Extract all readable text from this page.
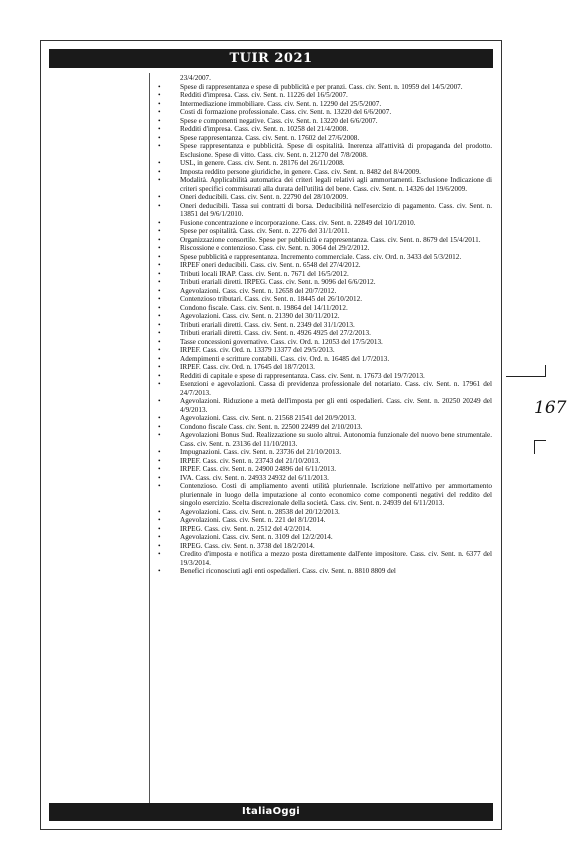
TUIR 2021
23/4/2007.
•	Spese di rappresentanza e spese di pubblicità e per pranzi. Cass. civ. Sent. n. 10959 del 14/5/2007.
•	Redditi d'impresa. Cass. civ. Sent. n. 11226 del 16/5/2007.
•	Intermediazione immobiliare. Cass. civ. Sent. n. 12290 del 25/5/2007.
•	Costi di formazione professionale. Cass. civ. Sent. n. 13220 del 6/6/2007.
•	Spese e componenti negative. Cass. civ. Sent. n. 13220 del 6/6/2007.
•	Redditi d'impresa. Cass. civ. Sent. n. 10258 del 21/4/2008.
•	Spese rappresentanza. Cass. civ. Sent. n. 17602 del 27/6/2008.
•	Spese rappresentanza e pubblicità. Spese di ospitalità. Inerenza all'attività di propaganda del prodotto. Esclusione. Spese di vitto. Cass. civ. Sent. n. 21270 del 7/8/2008.
•	USL, in genere. Cass. civ. Sent. n. 28176 del 26/11/2008.
•	Imposta reddito persone giuridiche, in genere. Cass. civ. Sent. n. 8482 del 8/4/2009.
•	Modalità. Applicabilità automatica dei criteri legali relativi agli ammortamenti. Esclusione Indicazione di criteri specifici commisurati alla durata dell'utilità del bene. Cass. civ. Sent. n. 14326 del 19/6/2009.
•	Oneri deducibili. Cass. civ. Sent. n. 22790 del 28/10/2009.
•	Oneri deducibili. Tassa sui contratti di borsa. Deducibilità nell'esercizio di pagamento. Cass. civ. Sent. n. 13851 del 9/6/1/2010.
•	Fusione concentrazione e incorporazione. Cass. civ. Sent. n. 22849 del 10/1/2010.
•	Spese per ospitalità. Cass. civ. Sent. n. 2276 del 31/1/2011.
•	Organizzazione consortile. Spese per pubblicità e rappresentanza. Cass. civ. Sent. n. 8679 del 15/4/2011.
•	Riscossione e contenzioso. Cass. civ. Sent. n. 3064 del 29/2/2012.
•	Spese pubblicità e rappresentanza. Incremento commerciale. Cass. civ. Ord. n. 3433 del 5/3/2012.
•	IRPEF oneri deducibili. Cass. civ. Sent. n. 6548 del 27/4/2012.
•	Tributi locali IRAP. Cass. civ. Sent. n. 7671 del 16/5/2012.
•	Tributi erariali diretti. IRPEG. Cass. civ. Sent. n. 9096 del 6/6/2012.
•	Agevolazioni. Cass. civ. Sent. n. 12658 del 20/7/2012.
•	Contenzioso tributari. Cass. civ. Sent. n. 18445 del 26/10/2012.
•	Condono fiscale. Cass. civ. Sent. n. 19864 del 14/11/2012.
•	Agevolazioni. Cass. civ. Sent. n. 21390 del 30/11/2012.
•	Tributi erariali diretti. Cass. civ. Sent. n. 2349 del 31/1/2013.
•	Tributi erariali diretti. Cass. civ. Sent. n. 4926 4925 del 27/2/2013.
•	Tasse concessioni governative. Cass. civ. Ord. n. 12053 del 17/5/2013.
•	IRPEF. Cass. civ. Ord. n. 13379 13377 del 29/5/2013.
•	Adempimenti e scritture contabili. Cass. civ. Ord. n. 16485 del 1/7/2013.
•	IRPEF. Cass. civ. Ord. n. 17645 del 18/7/2013.
•	Redditi di capitale e spese di rappresentanza. Cass. civ. Sent. n. 17673 del 19/7/2013.
•	Esenzioni e agevolazioni. Cassa di previdenza professionale del notariato. Cass. civ. Sent. n. 17961 del 24/7/2013.
•	Agevolazioni. Riduzione a metà dell'imposta per gli enti ospedalieri. Cass. civ. Sent. n. 20250 20249 del 4/9/2013.
•	Agevolazioni. Cass. civ. Sent. n. 21568 21541 del 20/9/2013.
•	Condono fiscale Cass. civ. Sent. n. 22500 22499 del 2/10/2013.
•	Agevolazioni Bonus Sud. Realizzazione su suolo altrui. Autonomia funzionale del nuovo bene strumentale. Cass. civ. Sent. n. 23136 del 11/10/2013.
•	Impugnazioni. Cass. civ. Sent. n. 23736 del 21/10/2013.
•	IRPEF. Cass. civ. Sent. n. 23743 del 21/10/2013.
•	IRPEF. Cass. civ. Sent. n. 24900 24896 del 6/11/2013.
•	IVA. Cass. civ. Sent. n. 24933 24932 del 6/11/2013.
•	Contenzioso. Costi di ampliamento aventi utilità pluriennale. Iscrizione nell'attivo per ammortamento pluriennale in luogo della imputazione al conto economico come componenti negativi del reddito del singolo esercizio. Scelta discrezionale della società. Cass. civ. Sent. n. 24939 del 6/11/2013.
•	Agevolazioni. Cass. civ. Sent. n. 28538 del 20/12/2013.
•	Agevolazioni. Cass. civ. Sent. n. 221 del 8/1/2014.
•	IRPEG. Cass. civ. Sent. n. 2512 del 4/2/2014.
•	Agevolazioni. Cass. civ. Sent. n. 3109 del 12/2/2014.
•	IRPEG. Cass. civ. Sent. n. 3738 del 18/2/2014.
•	Credito d'imposta e notifica a mezzo posta direttamente dall'ente impositore. Cass. civ. Sent. n. 6377 del 19/3/2014.
•	Benefici riconosciuti agli enti ospedalieri. Cass. civ. Sent. n. 8810 8809 del
ItaliaOggi
167
